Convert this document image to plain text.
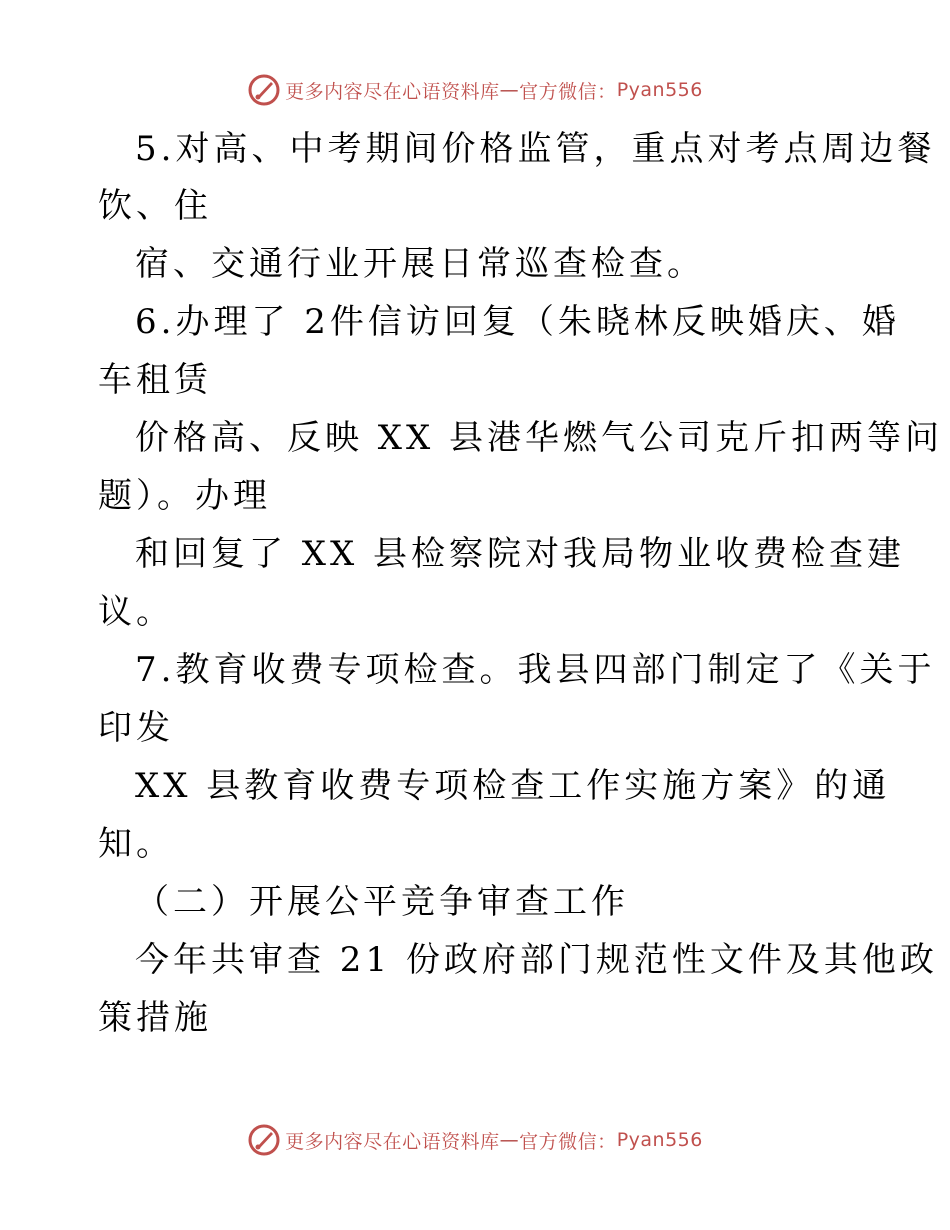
更多内容尽在心语资料库 — 官方微信： Pyan556
5.对高、中考期间价格监管，重点对考点周边餐
饮、住
宿、交通行业开展日常巡查检查。
6.办理了 2件信访回复（朱晓林反映婚庆、婚
车租赁
价格高、反映 XX 县港华燃气公司克斤扣两等问
题）。办理
和回复了 XX 县检察院对我局物业收费检查建
议。
7.教育收费专项检查。我县四部门制定了《关于
印发
XX 县教育收费专项检查工作实施方案》的通
知。
（二）开展公平竞争审查工作
今年共审查 21 份政府部门规范性文件及其他政
策措施
更多内容尽在心语资料库 — 官方微信： Pyan556
